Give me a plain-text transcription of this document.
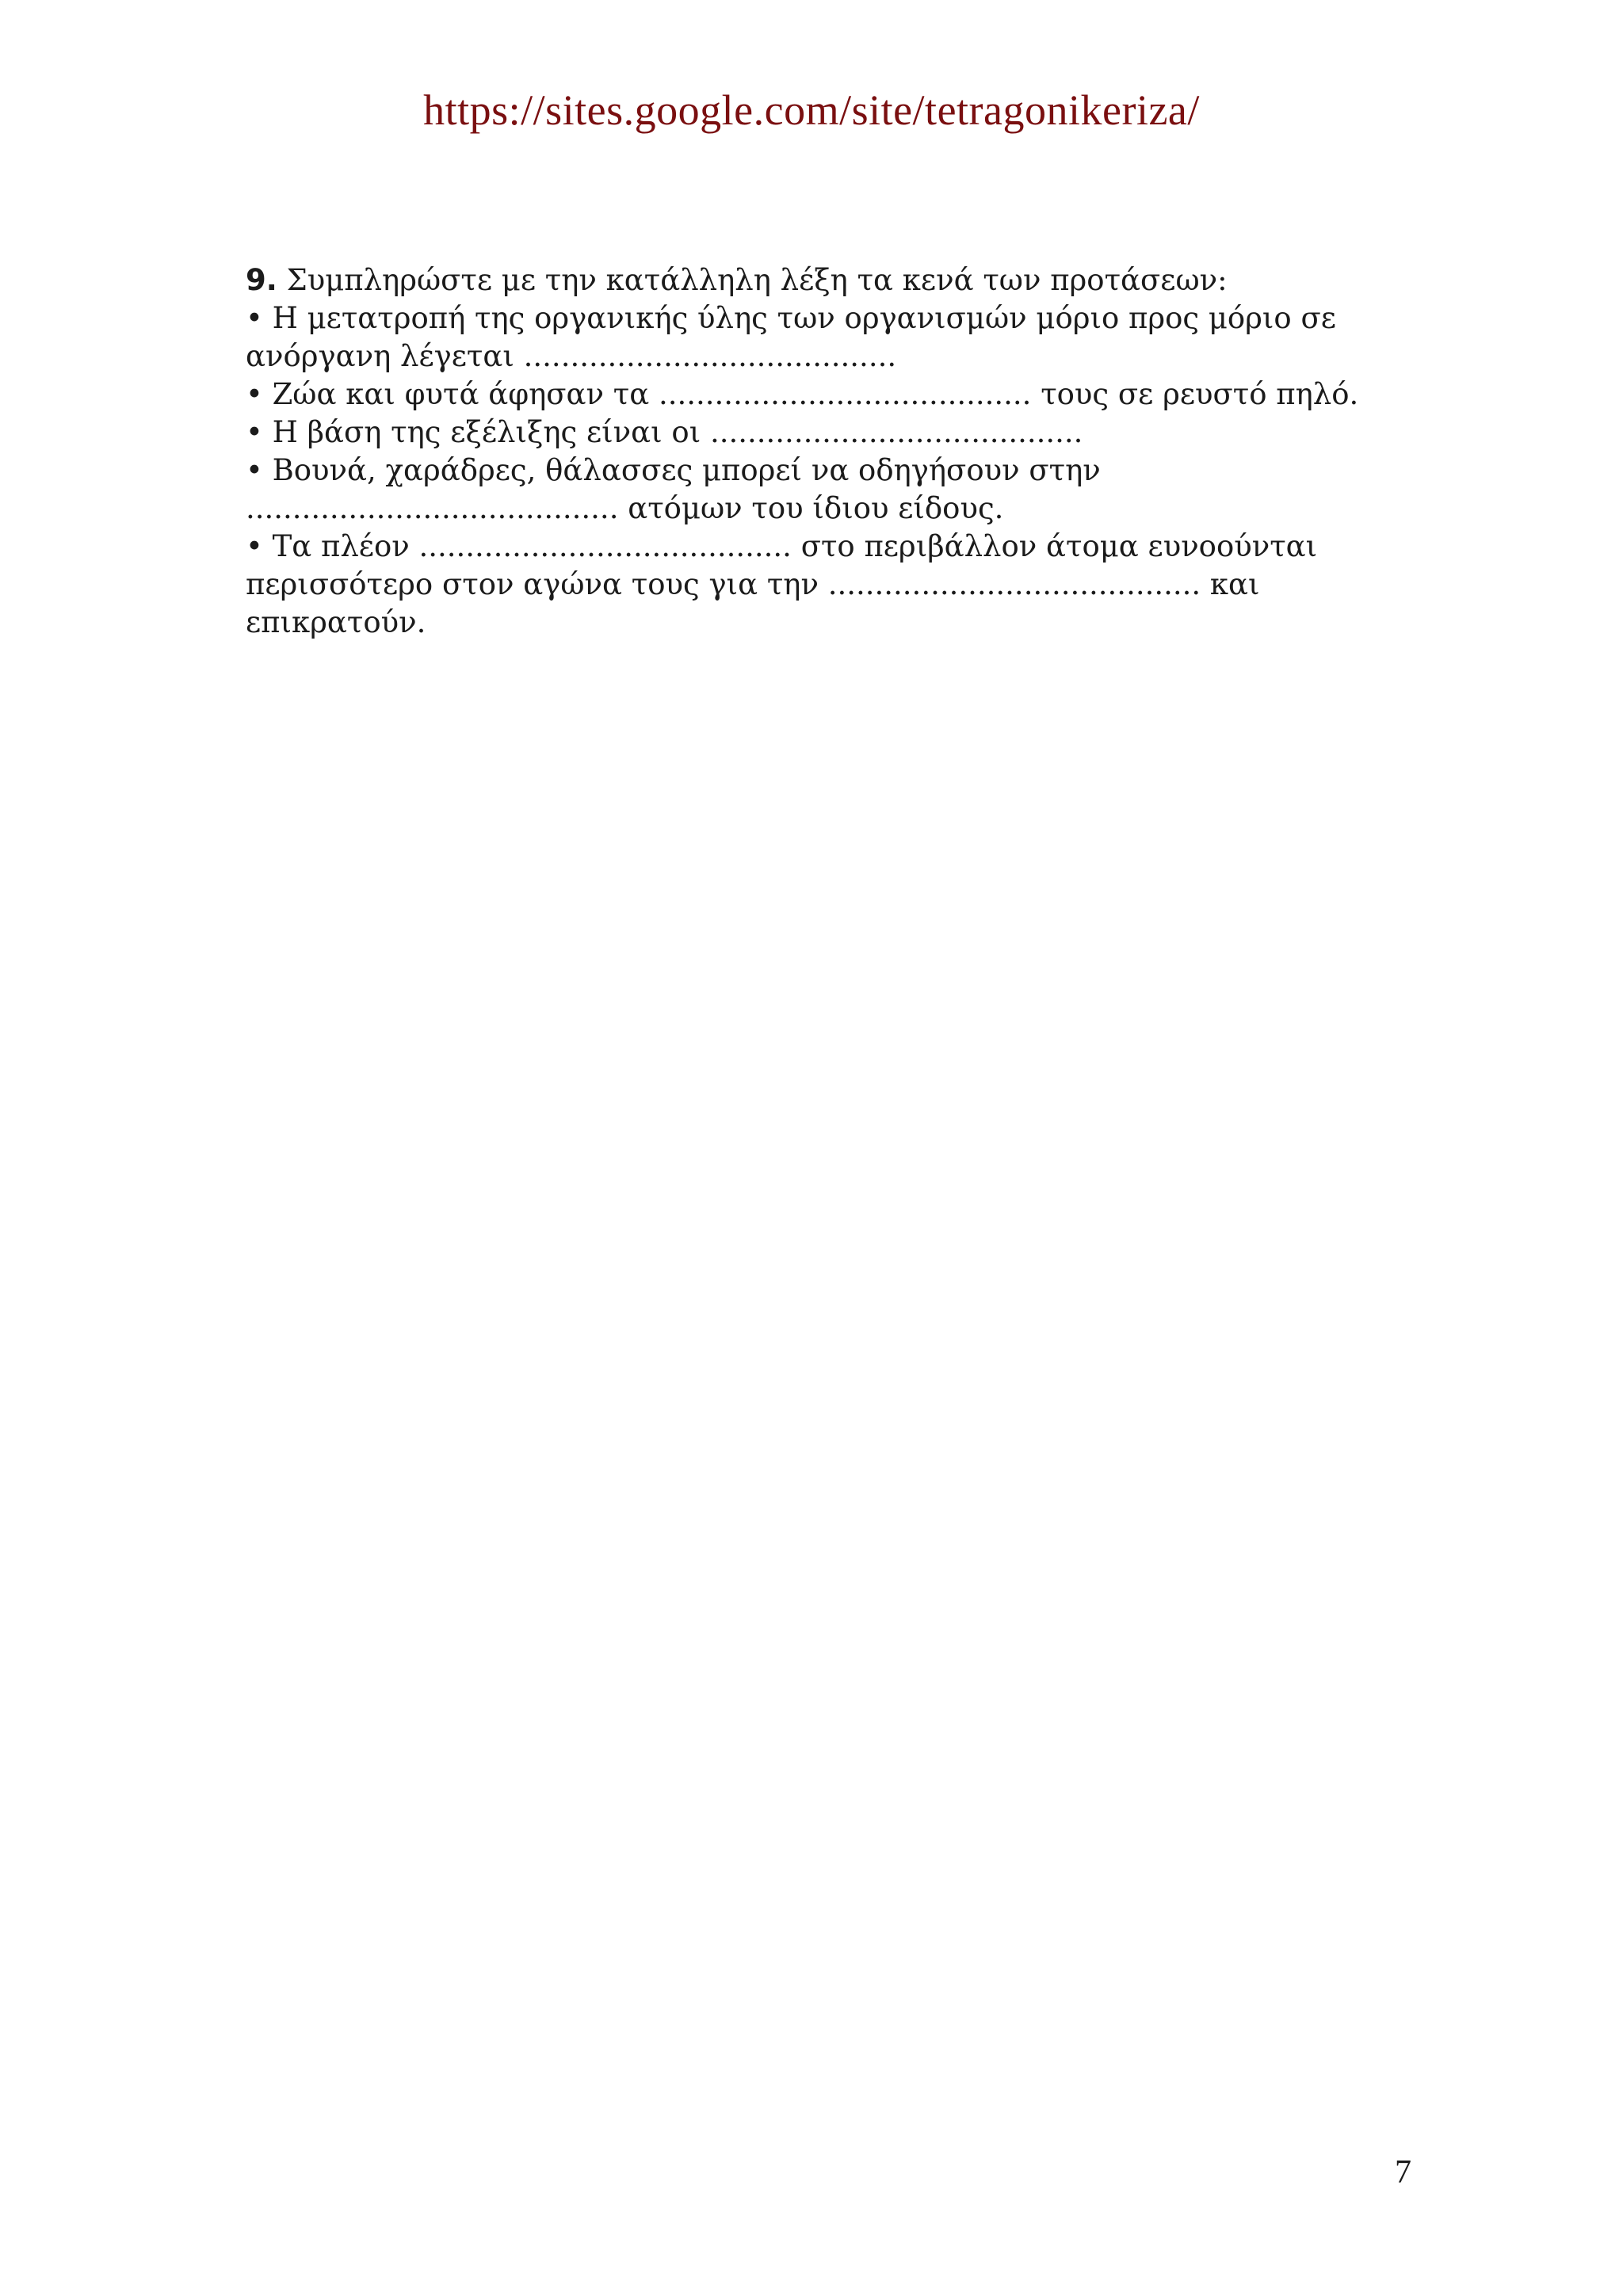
https://sites.google.com/site/tetragonikeriza/

9. Συμπληρώστε με την κατάλληλη λέξη τα κενά των προτάσεων:

• Η μετατροπή της οργανικής ύλης των οργανισμών μόριο προς μόριο σε

ανόργανη λέγεται ........................................

• Ζώα και φυτά άφησαν τα ........................................ τους σε ρευστό πηλό.

• Η βάση της εξέλιξης είναι οι ........................................

• Βουνά, χαράδρες, θάλασσες μπορεί να οδηγήσουν στην

........................................ ατόμων του ίδιου είδους.

• Τα πλέον ........................................ στο περιβάλλον άτομα ευνοούνται

περισσότερο στον αγώνα τους για την ........................................ και

επικρατούν.

7
